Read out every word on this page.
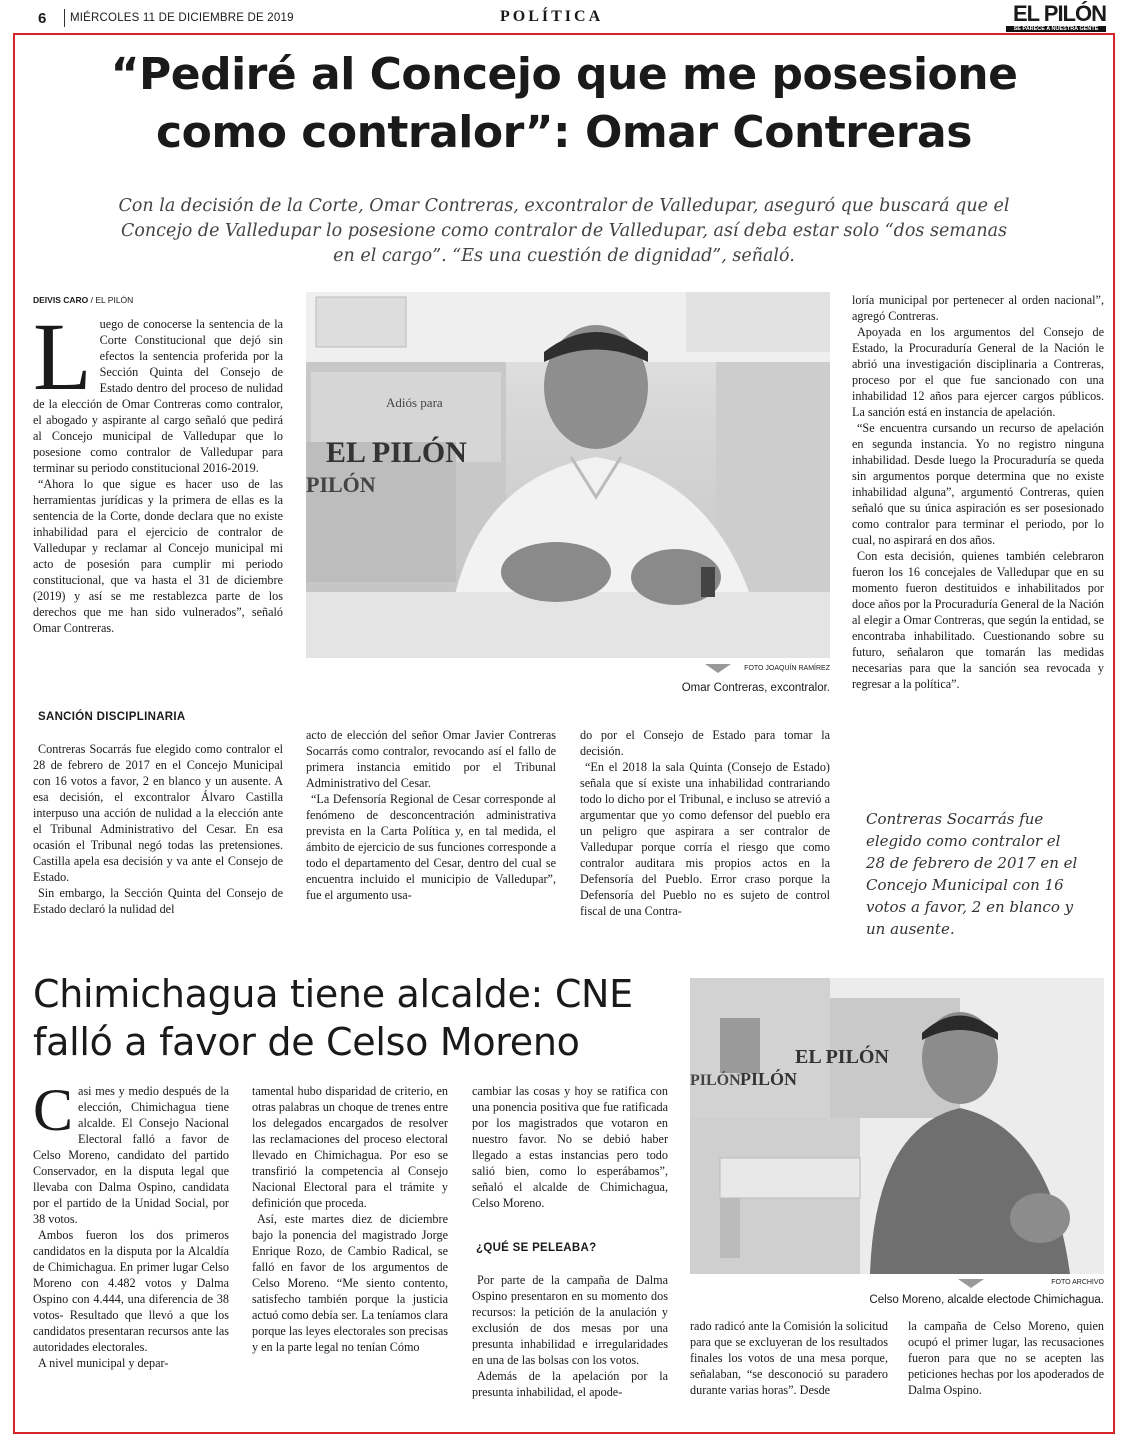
6 MIÉRCOLES 11 DE DICIEMBRE DE 2019	POLÍTICA	EL PILÓN
SE PARECE A NUESTRA GENTE
“Pediré al Concejo que me posesione
como contralor”: Omar Contreras
Con la decisión de la Corte, Omar Contreras, excontralor de Valledupar, aseguró que buscará que el
Concejo de Valledupar lo posesione como contralor de Valledupar, así deba estar solo “dos semanas
en el cargo”. “Es una cuestión de dignidad”, señaló.
DEIVIS CARO / EL PILÓN
L uego de conocerse la sentencia de la Corte Constitucional que dejó sin efectos la sentencia proferida por la Sección Quinta del Consejo de Estado dentro del proceso de nulidad de la elección de Omar Contreras como contralor, el abogado y aspirante al cargo señaló que pedirá al Concejo municipal de Valledupar que lo posesione como contralor de Valledupar para terminar su periodo constitucional 2016-2019.

“Ahora lo que sigue es hacer uso de las herramientas jurídicas y la primera de ellas es la sentencia de la Corte, donde declara que no existe inhabilidad para el ejercicio de contralor de Valledupar y reclamar al Concejo municipal mi acto de posesión para cumplir mi periodo constitucional, que va hasta el 31 de diciembre (2019) y así se me restablezca parte de los derechos que me han sido vulnerados”, señaló Omar Contreras.

SANCIÓN DISCIPLINARIA

Contreras Socarrás fue elegido como contralor el 28 de febrero de 2017 en el Concejo Municipal con 16 votos a favor, 2 en blanco y un ausente. A esa decisión, el excontralor Álvaro Castilla interpuso una acción de nulidad a la elección ante el Tribunal Administrativo del Cesar. En esa ocasión el Tribunal negó todas las pretensiones. Castilla apela esa decisión y va ante el Consejo de Estado.

Sin embargo, la Sección Quinta del Consejo de Estado declaró la nulidad del

EL PILÓN
Adiós para
PILÓN
FOTO JOAQUÍN RAMÍREZ
Omar Contreras, excontralor.

acto de elección del señor Omar Javier Contreras Socarrás como contralor, revocando así el fallo de primera instancia emitido por el Tribunal Administrativo del Cesar.

“La Defensoría Regional de Cesar corresponde al fenómeno de desconcentración administrativa prevista en la Carta Política y, en tal medida, el ámbito de ejercicio de sus funciones corresponde a todo el departamento del Cesar, dentro del cual se encuentra incluido el municipio de Valledupar”, fue el argumento usa-

do por el Consejo de Estado para tomar la decisión.

“En el 2018 la sala Quinta (Consejo de Estado) señala que sí existe una inhabilidad contrariando todo lo dicho por el Tribunal, e incluso se atrevió a argumentar que yo como defensor del pueblo era un peligro que aspirara a ser contralor de Valledupar porque corría el riesgo que como contralor auditara mis propios actos en la Defensoría del Pueblo. Error craso porque la Defensoría del Pueblo no es sujeto de control fiscal de una Contra-

loría municipal por pertenecer al orden nacional”, agregó Contreras.

Apoyada en los argumentos del Consejo de Estado, la Procuraduría General de la Nación le abrió una investigación disciplinaria a Contreras, proceso por el que fue sancionado con una inhabilidad 12 años para ejercer cargos públicos. La sanción está en instancia de apelación.

“Se encuentra cursando un recurso de apelación en segunda instancia. Yo no registro ninguna inhabilidad. Desde luego la Procuraduría se queda sin argumentos porque determina que no existe inhabilidad alguna”, argumentó Contreras, quien señaló que su única aspiración es ser posesionado como contralor para terminar el periodo, por lo cual, no aspirará en dos años.

Con esta decisión, quienes también celebraron fueron los 16 concejales de Valledupar que en su momento fueron destituidos e inhabilitados por doce años por la Procuraduría General de la Nación al elegir a Omar Contreras, que según la entidad, se encontraba inhabilitado. Cuestionando sobre su futuro, señalaron que tomarán las medidas necesarias para que la sanción sea revocada y regresar a la política”.

Contreras Socarrás fue elegido como contralor el 28 de febrero de 2017 en el Concejo Municipal con 16 votos a favor, 2 en blanco y un ausente.
Chimichagua tiene alcalde: CNE
falló a favor de Celso Moreno
C asi mes y medio después de la elección, Chimichagua tiene alcalde. El Consejo Nacional Electoral falló a favor de Celso Moreno, candidato del partido Conservador, en la disputa legal que llevaba con Dalma Ospino, candidata por el partido de la Unidad Social, por 38 votos.

Ambos fueron los dos primeros candidatos en la disputa por la Alcaldía de Chimichagua. En primer lugar Celso Moreno con 4.482 votos y Dalma Ospino con 4.444, una diferencia de 38 votos- Resultado que llevó a que los candidatos presentaran recursos ante las autoridades electorales.

A nivel municipal y depar-

tamental hubo disparidad de criterio, en otras palabras un choque de trenes entre los delegados encargados de resolver las reclamaciones del proceso electoral llevado en Chimichagua. Por eso se transfirió la competencia al Consejo Nacional Electoral para el trámite y definición que proceda.

Así, este martes diez de diciembre bajo la ponencia del magistrado Jorge Enrique Rozo, de Cambio Radical, se falló en favor de los argumentos de Celso Moreno. “Me siento contento, satisfecho también porque la justicia actuó como debía ser. La teníamos clara porque las leyes electorales son precisas y en la parte legal no tenían Cómo

cambiar las cosas y hoy se ratifica con una ponencia positiva que fue ratificada por los magistrados que votaron en nuestro favor. No se debió haber llegado a estas instancias pero todo salió bien, como lo esperábamos”, señaló el alcalde de Chimichagua, Celso Moreno.

¿QUÉ SE PELEABA?

Por parte de la campaña de Dalma Ospino presentaron en su momento dos recursos: la petición de la anulación y exclusión de dos mesas por una presunta inhabilidad e irregularidades en una de las bolsas con los votos.

Además de la apelación por la presunta inhabilidad, el apode-

EL PILÓN
PILÓN
PILÓN
FOTO ARCHIVO
Celso Moreno, alcalde electode Chimichagua.

rado radicó ante la Comisión la solicitud para que se excluyeran de los resultados finales los votos de una mesa porque, señalaban, “se desconoció su paradero durante varias horas”. Desde

la campaña de Celso Moreno, quien ocupó el primer lugar, las recusaciones fueron para que no se acepten las peticiones hechas por los apoderados de Dalma Ospino.
